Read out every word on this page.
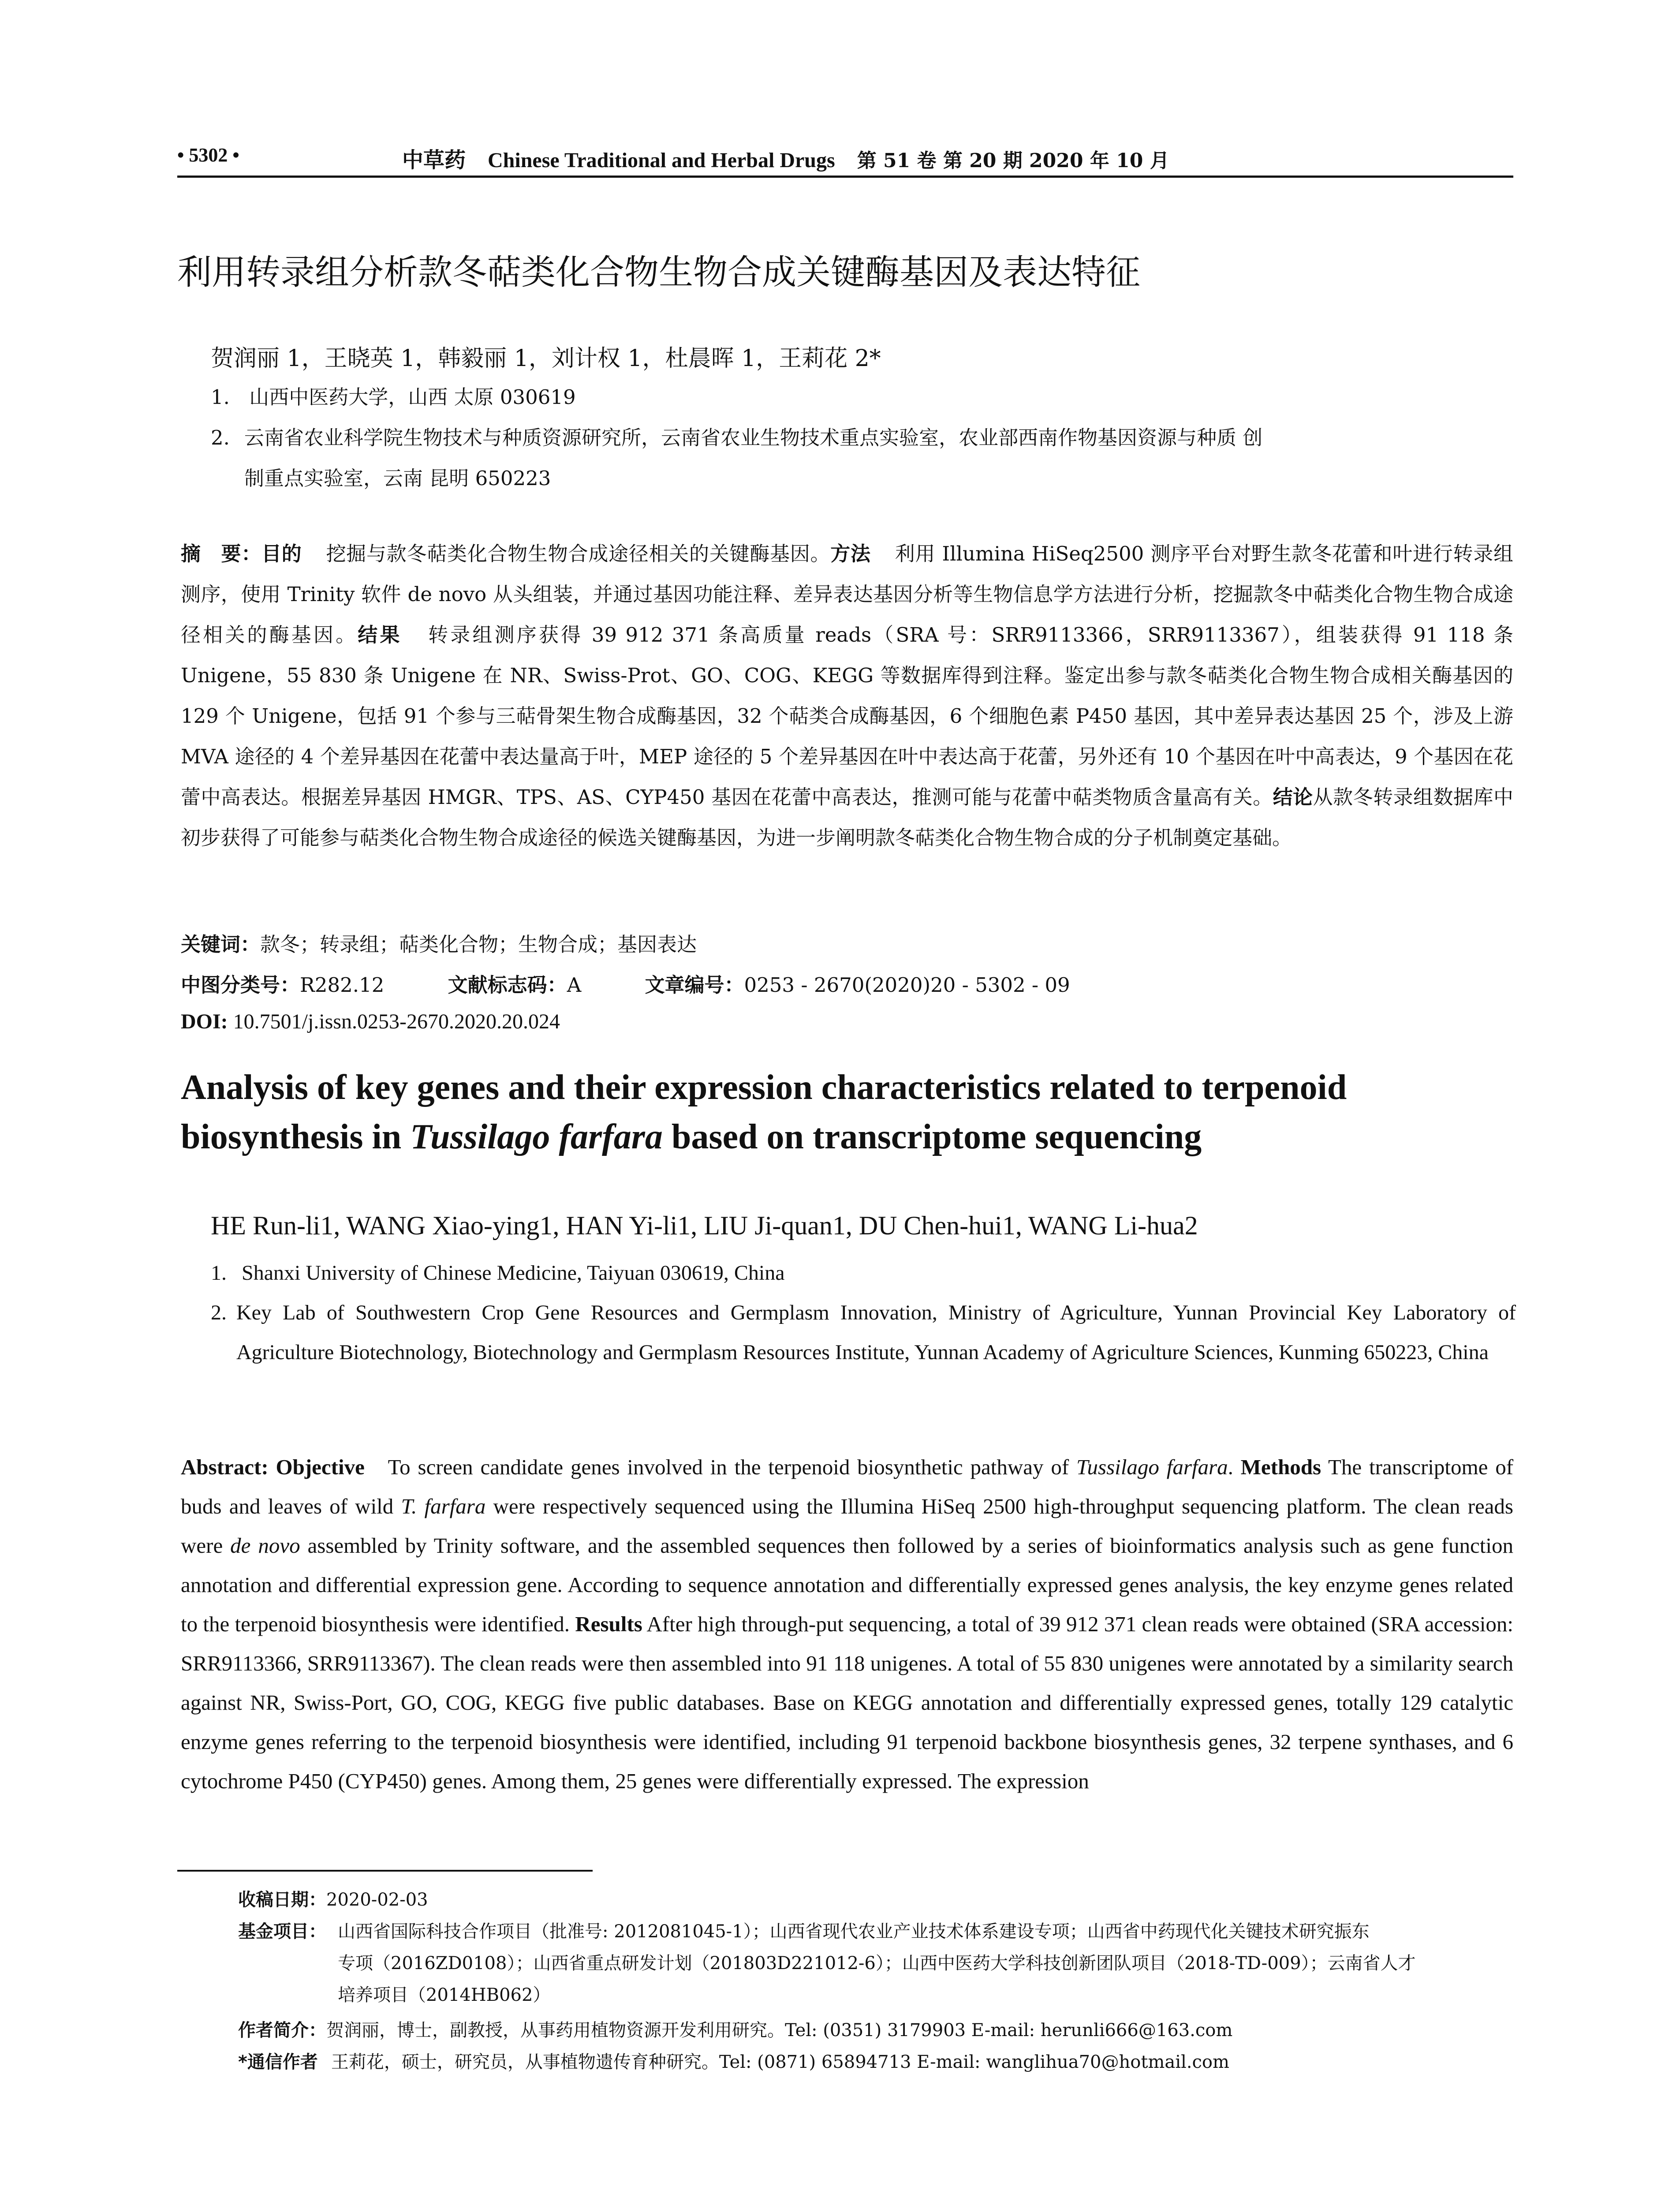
• 5302 •	中草药 Chinese Traditional and Herbal Drugs 第 51 卷 第 20 期 2020 年 10 月
利用转录组分析款冬萜类化合物生物合成关键酶基因及表达特征
贺润丽 1，王晓英 1，韩毅丽 1，刘计权 1，杜晨晖 1，王莉花 2*
1. 山西中医药大学，山西 太原 030619
2. 云南省农业科学院生物技术与种质资源研究所，云南省农业生物技术重点实验室，农业部西南作物基因资源与种质 创
制重点实验室，云南 昆明 650223

摘　要：目的 挖掘与款冬萜类化合物生物合成途径相关的关键酶基因。方法 利用 Illumina HiSeq2500 测序平台对野生款冬花蕾和叶进行转录组测序，使用 Trinity 软件 de novo 从头组装，并通过基因功能注释、差异表达基因分析等生物信息学方法进行分析，挖掘款冬中萜类化合物生物合成途径相关的酶基因。结果 转录组测序获得 39 912 371 条高质量 reads（SRA 号：SRR9113366，SRR9113367），组装获得 91 118 条 Unigene，55 830 条 Unigene 在 NR、Swiss-Prot、GO、COG、KEGG 等数据库得到注释。鉴定出参与款冬萜类化合物生物合成相关酶基因的 129 个 Unigene，包括 91 个参与三萜骨架生物合成酶基因，32 个萜类合成酶基因，6 个细胞色素 P450 基因，其中差异表达基因 25 个，涉及上游 MVA 途径的 4 个差异基因在花蕾中表达量高于叶，MEP 途径的 5 个差异基因在叶中表达高于花蕾，另外还有 10 个基因在叶中高表达，9 个基因在花蕾中高表达。根据差异基因 HMGR、TPS、AS、CYP450 基因在花蕾中高表达，推测可能与花蕾中萜类物质含量高有关。结论从款冬转录组数据库中初步获得了可能参与萜类化合物生物合成途径的候选关键酶基因，为进一步阐明款冬萜类化合物生物合成的分子机制奠定基础。

关键词：款冬；转录组；萜类化合物；生物合成；基因表达
中图分类号：R282.12	文献标志码：A	文章编号：0253 - 2670(2020)20 - 5302 - 09
DOI: 10.7501/j.issn.0253-2670.2020.20.024
Analysis of key genes and their expression characteristics related to terpenoid biosynthesis in Tussilago farfara based on transcriptome sequencing
HE Run-li1, WANG Xiao-ying1, HAN Yi-li1, LIU Ji-quan1, DU Chen-hui1, WANG Li-hua2
1. Shanxi University of Chinese Medicine, Taiyuan 030619, China
2. Key Lab of Southwestern Crop Gene Resources and Germplasm Innovation, Ministry of Agriculture, Yunnan Provincial Key Laboratory of Agriculture Biotechnology, Biotechnology and Germplasm Resources Institute, Yunnan Academy of Agriculture Sciences, Kunming 650223, China
Abstract: Objective To screen candidate genes involved in the terpenoid biosynthetic pathway of Tussilago farfara. Methods The transcriptome of buds and leaves of wild T. farfara were respectively sequenced using the Illumina HiSeq 2500 high-throughput sequencing platform. The clean reads were de novo assembled by Trinity software, and the assembled sequences then followed by a series of bioinformatics analysis such as gene function annotation and differential expression gene. According to sequence annotation and differentially expressed genes analysis, the key enzyme genes related to the terpenoid biosynthesis were identified. Results After high through-put sequencing, a total of 39 912 371 clean reads were obtained (SRA accession: SRR9113366, SRR9113367). The clean reads were then assembled into 91 118 unigenes. A total of 55 830 unigenes were annotated by a similarity search against NR, Swiss-Port, GO, COG, KEGG five public databases. Base on KEGG annotation and differentially expressed genes, totally 129 catalytic enzyme genes referring to the terpenoid biosynthesis were identified, including 91 terpenoid backbone biosynthesis genes, 32 terpene synthases, and 6 cytochrome P450 (CYP450) genes. Among them, 25 genes were differentially expressed. The expression
收稿日期：2020-02-03
基金项目： 山西省国际科技合作项目（批准号: 2012081045-1）；山西省现代农业产业技术体系建设专项；山西省中药现代化关键技术研究振东
专项（2016ZD0108）；山西省重点研发计划（201803D221012-6）；山西中医药大学科技创新团队项目（2018-TD-009）；云南省人才
培养项目（2014HB062）
作者简介：贺润丽，博士，副教授，从事药用植物资源开发利用研究。Tel: (0351) 3179903 E-mail: herunli666@163.com
*通信作者 王莉花，硕士，研究员，从事植物遗传育种研究。Tel: (0871) 65894713 E-mail: wanglihua70@hotmail.com
